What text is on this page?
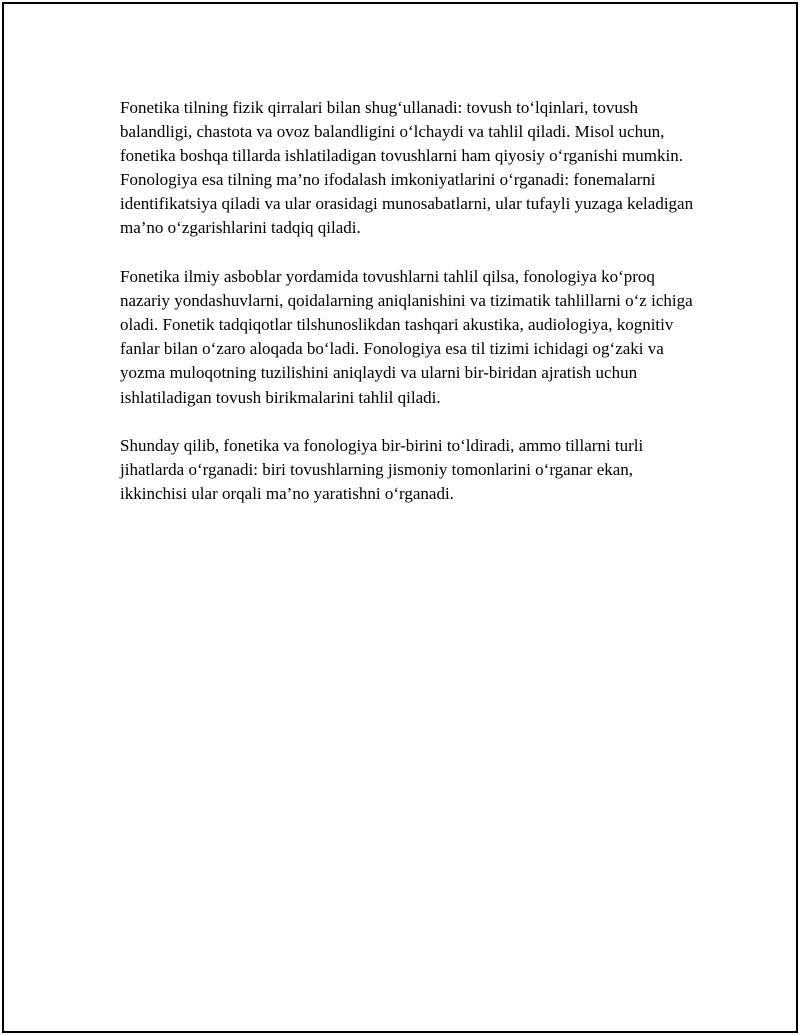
Fonetika tilning fizik qirralari bilan shug‘ullanadi: tovush to‘lqinlari, tovush balandligi, chastota va ovoz balandligini o‘lchaydi va tahlil qiladi. Misol uchun, fonetika boshqa tillarda ishlatiladigan tovushlarni ham qiyosiy o‘rganishi mumkin. Fonologiya esa tilning ma’no ifodalash imkoniyatlarini o‘rganadi: fonemalarni identifikatsiya qiladi va ular orasidagi munosabatlarni, ular tufayli yuzaga keladigan ma’no o‘zgarishlarini tadqiq qiladi.

Fonetika ilmiy asboblar yordamida tovushlarni tahlil qilsa, fonologiya ko‘proq nazariy yondashuvlarni, qoidalarning aniqlanishini va tizimatik tahlillarni o‘z ichiga oladi. Fonetik tadqiqotlar tilshunoslikdan tashqari akustika, audiologiya, kognitiv fanlar bilan o‘zaro aloqada bo‘ladi. Fonologiya esa til tizimi ichidagi og‘zaki va yozma muloqotning tuzilishini aniqlaydi va ularni bir-biridan ajratish uchun ishlatiladigan tovush birikmalarini tahlil qiladi.

Shunday qilib, fonetika va fonologiya bir-birini to‘ldiradi, ammo tillarni turli jihatlarda o‘rganadi: biri tovushlarning jismoniy tomonlarini o‘rganar ekan, ikkinchisi ular orqali ma’no yaratishni o‘rganadi.
